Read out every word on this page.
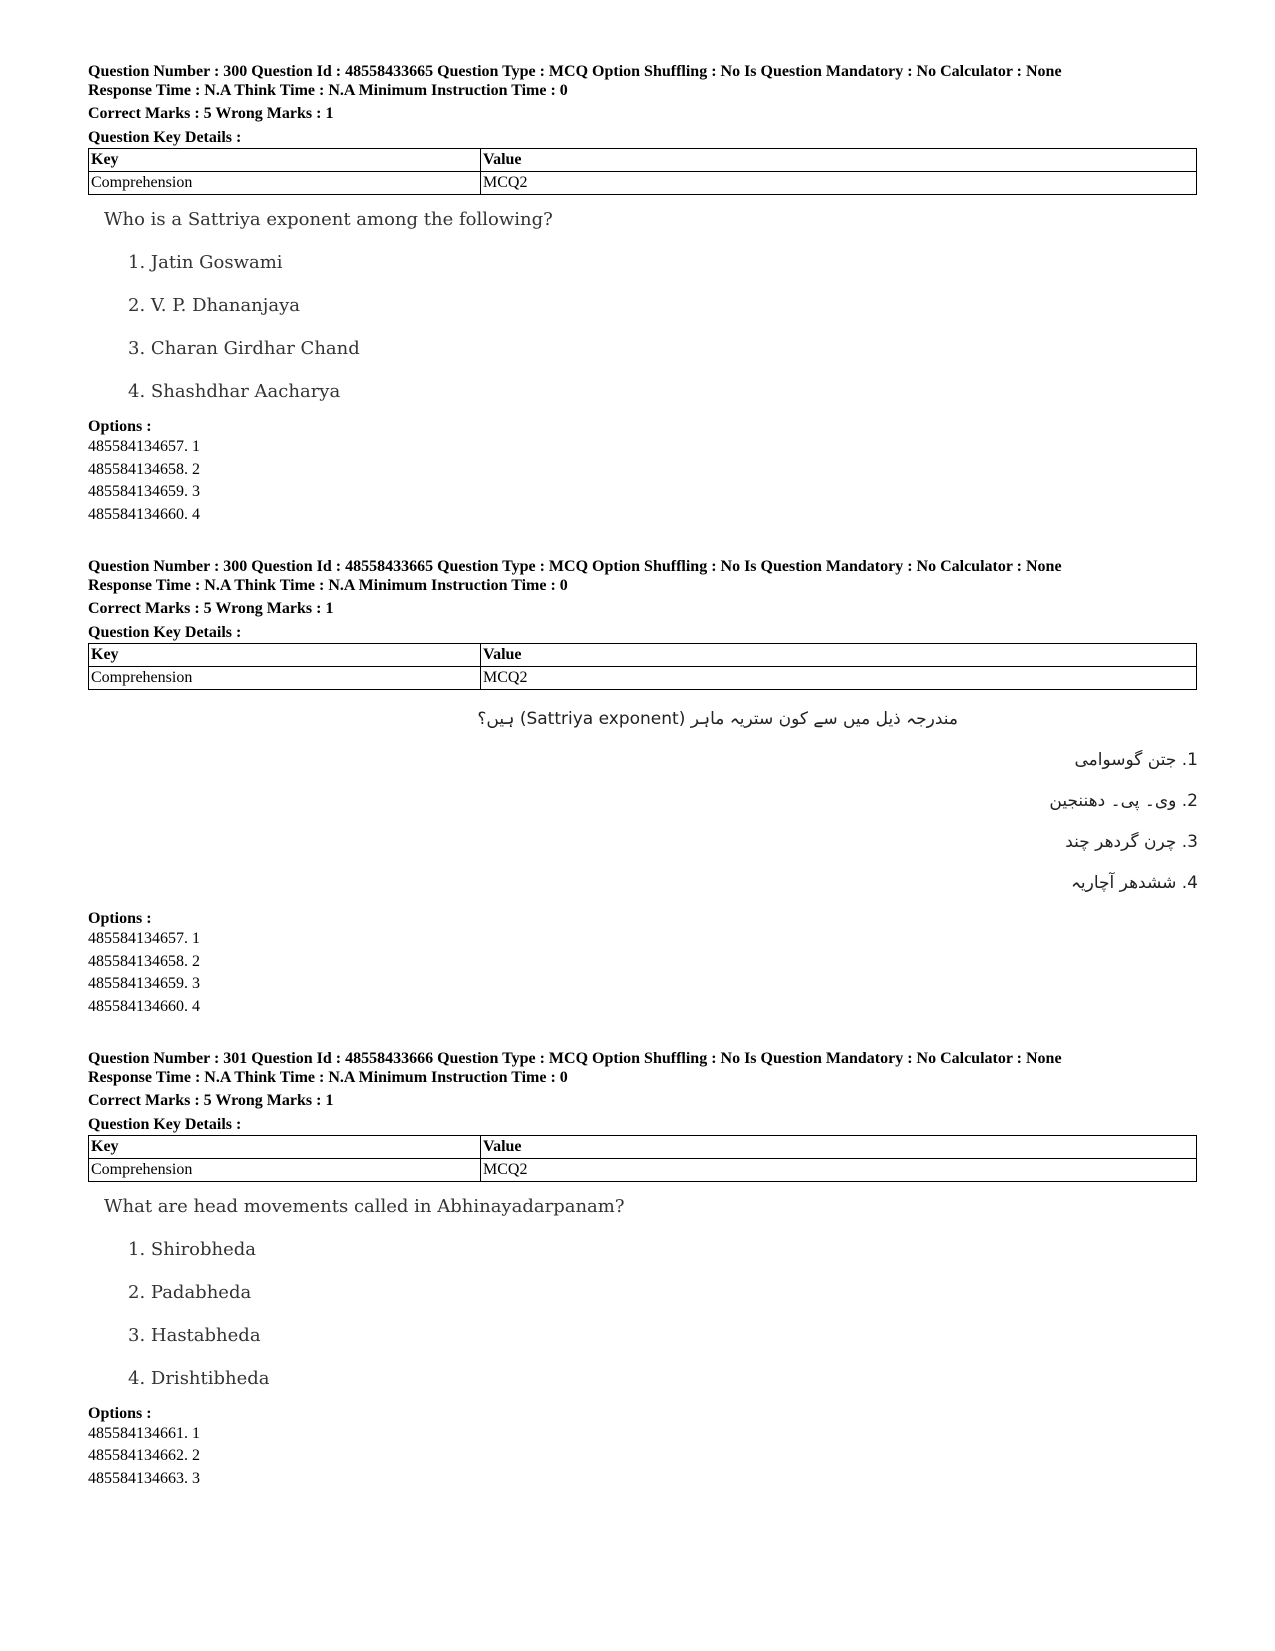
Question Number : 300 Question Id : 48558433665 Question Type : MCQ Option Shuffling : No Is Question Mandatory : No Calculator : None
Response Time : N.A Think Time : N.A Minimum Instruction Time : 0
Correct Marks : 5 Wrong Marks : 1
Question Key Details :
Key	Value
Comprehension	MCQ2
Who is a Sattriya exponent among the following?
1. Jatin Goswami
2. V. P. Dhananjaya
3. Charan Girdhar Chand
4. Shashdhar Aacharya
Options :
485584134657. 1
485584134658. 2
485584134659. 3
485584134660. 4
Question Number : 300 Question Id : 48558433665 Question Type : MCQ Option Shuffling : No Is Question Mandatory : No Calculator : None
Response Time : N.A Think Time : N.A Minimum Instruction Time : 0
Correct Marks : 5 Wrong Marks : 1
Question Key Details :
Key	Value
Comprehension	MCQ2
مندرجہ ذیل میں سے کون ستریہ ماہر (Sattriya exponent) ہیں؟
1. جتن گوسوامی
2. وی۔ پی۔ دھننجین
3. چرن گردھر چند
4. ششدھر آچاریہ
Options :
485584134657. 1
485584134658. 2
485584134659. 3
485584134660. 4
Question Number : 301 Question Id : 48558433666 Question Type : MCQ Option Shuffling : No Is Question Mandatory : No Calculator : None
Response Time : N.A Think Time : N.A Minimum Instruction Time : 0
Correct Marks : 5 Wrong Marks : 1
Question Key Details :
Key	Value
Comprehension	MCQ2
What are head movements called in Abhinayadarpanam?
1. Shirobheda
2. Padabheda
3. Hastabheda
4. Drishtibheda
Options :
485584134661. 1
485584134662. 2
485584134663. 3
